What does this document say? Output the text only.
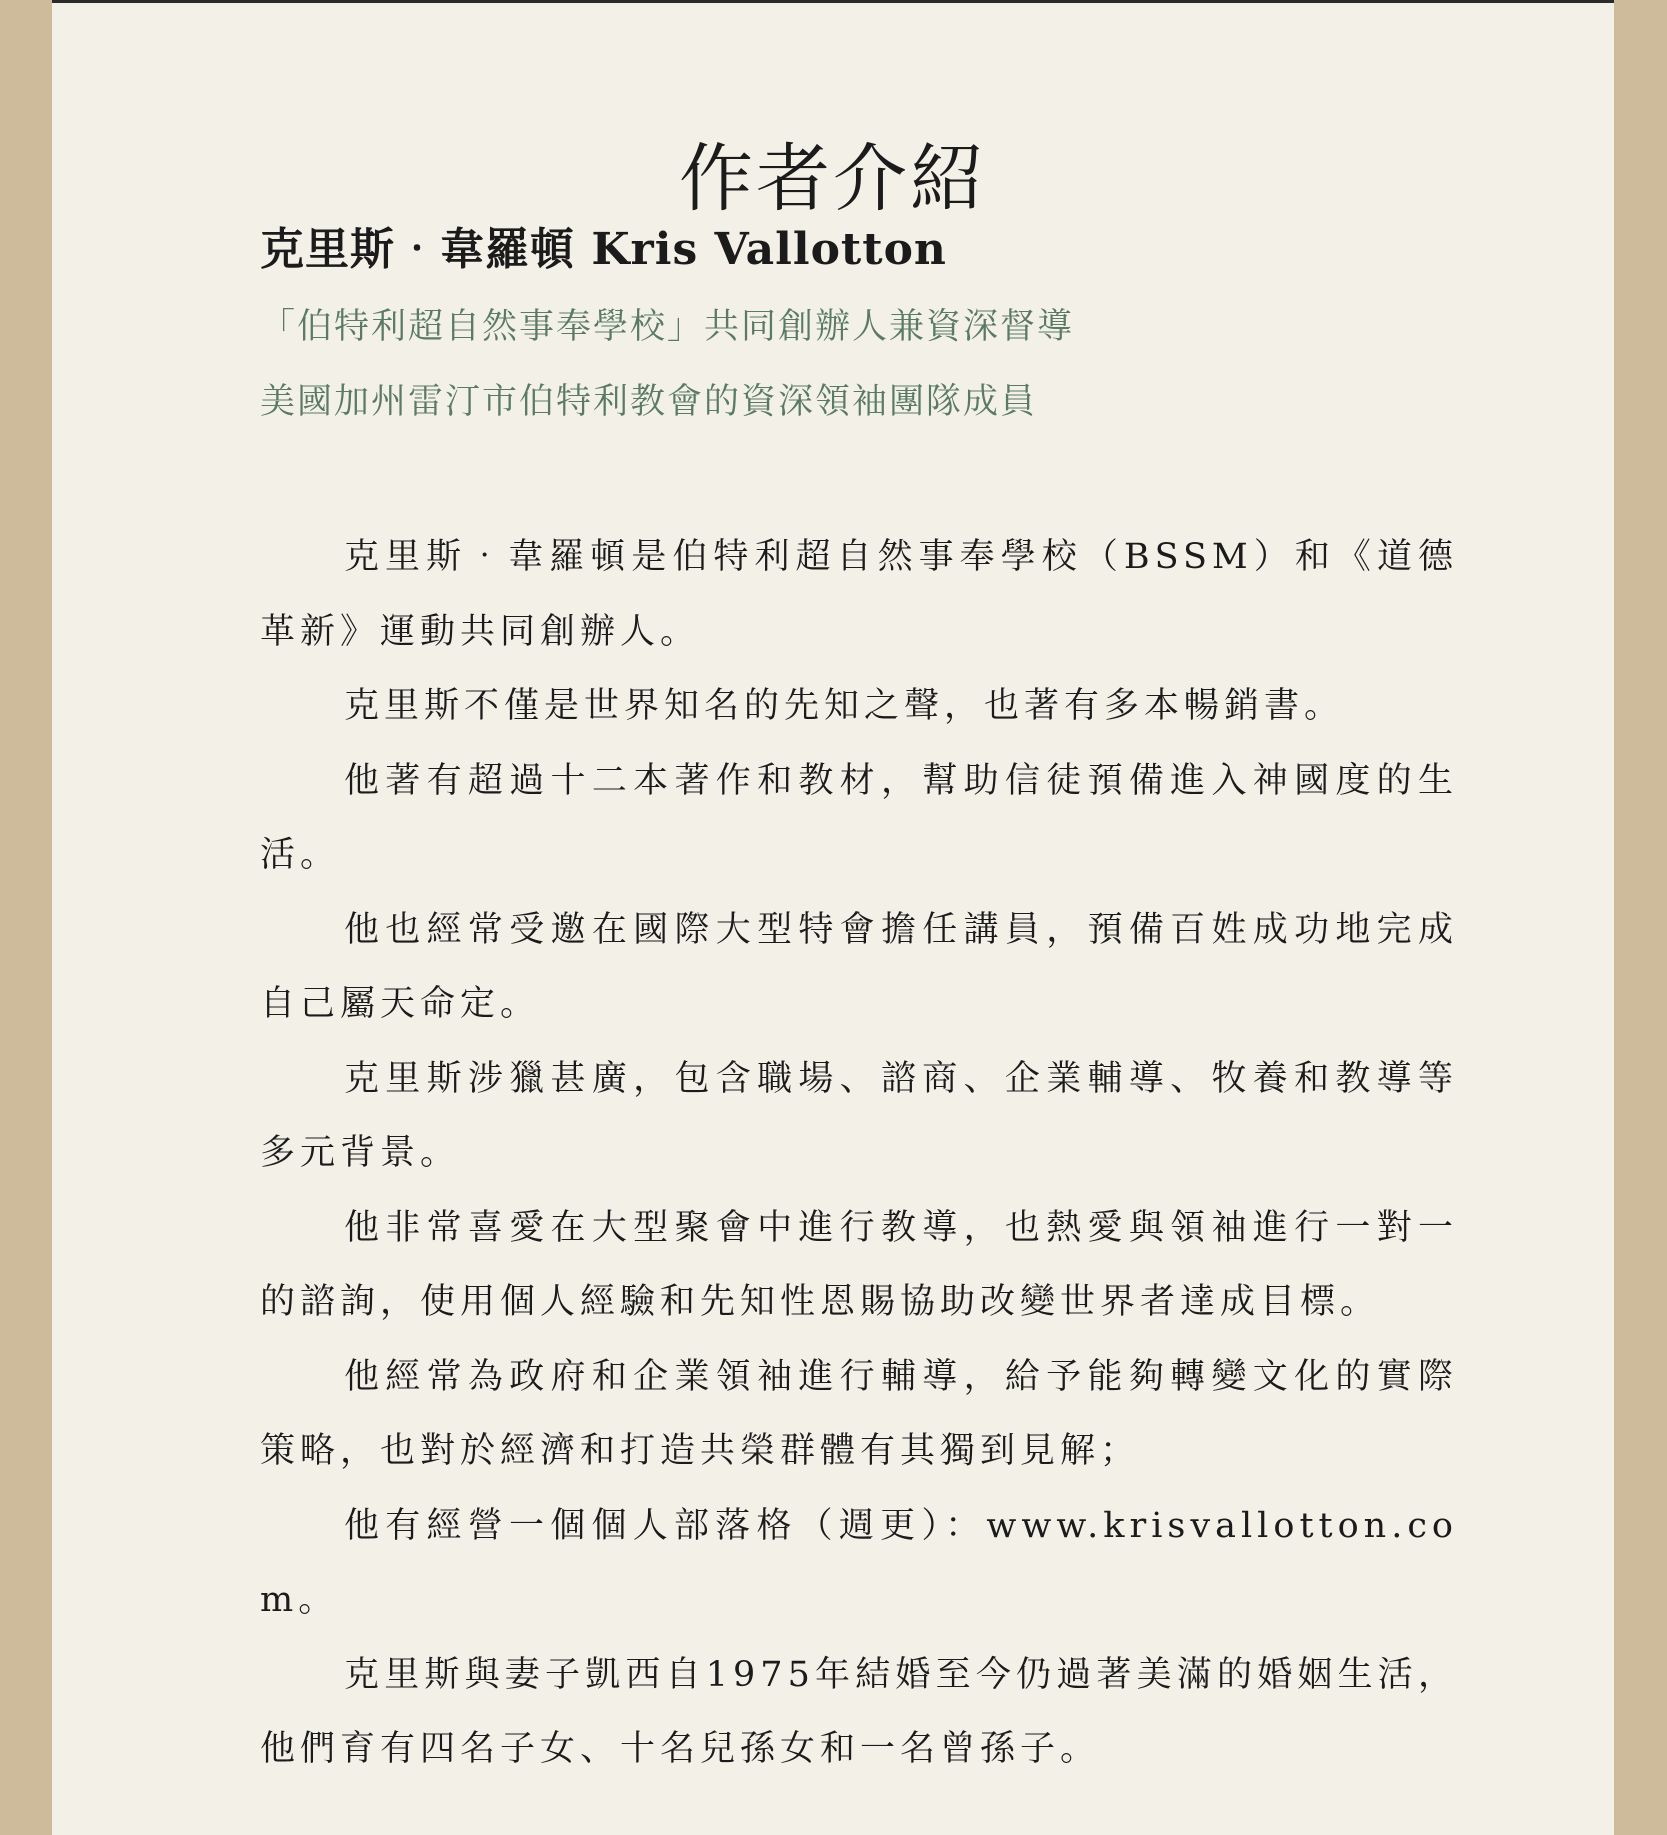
作者介紹
克里斯‧韋羅頓 Kris Vallotton
「伯特利超自然事奉學校」共同創辦人兼資深督導
美國加州雷汀市伯特利教會的資深領袖團隊成員

克里斯‧韋羅頓是伯特利超自然事奉學校（BSSM）和《道德革新》運動共同創辦人。

克里斯不僅是世界知名的先知之聲，也著有多本暢銷書。

他著有超過十二本著作和教材，幫助信徒預備進入神國度的生活。

他也經常受邀在國際大型特會擔任講員，預備百姓成功地完成自己屬天命定。

克里斯涉獵甚廣，包含職場、諮商、企業輔導、牧養和教導等多元背景。

他非常喜愛在大型聚會中進行教導，也熱愛與領袖進行一對一的諮詢，使用個人經驗和先知性恩賜協助改變世界者達成目標。

他經常為政府和企業領袖進行輔導，給予能夠轉變文化的實際策略，也對於經濟和打造共榮群體有其獨到見解；

他有經營一個個人部落格（週更）：www.krisvallotton.com。

克里斯與妻子凱西自1975年結婚至今仍過著美滿的婚姻生活，他們育有四名子女、十名兒孫女和一名曾孫子。
